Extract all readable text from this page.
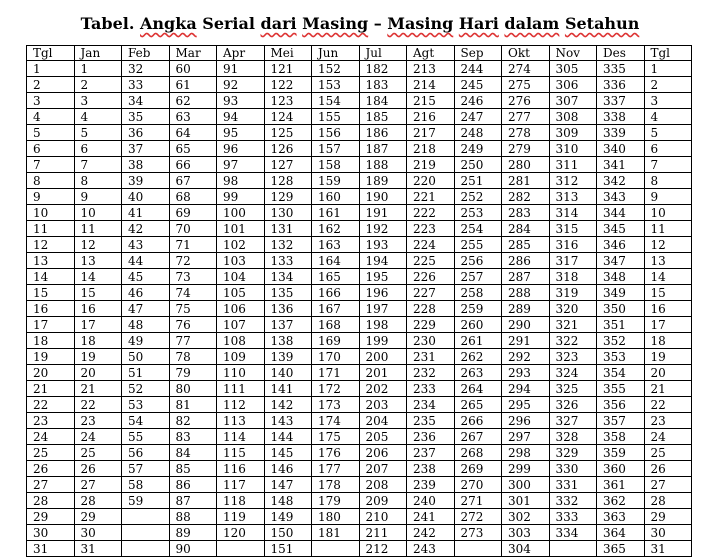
Tabel. Angka Serial dari Masing – Masing Hari dalam Setahun
Tgl	Jan	Feb	Mar	Apr	Mei	Jun	Jul	Agt	Sep	Okt	Nov	Des	Tgl
1	1	32	60	91	121	152	182	213	244	274	305	335	1
2	2	33	61	92	122	153	183	214	245	275	306	336	2
3	3	34	62	93	123	154	184	215	246	276	307	337	3
4	4	35	63	94	124	155	185	216	247	277	308	338	4
5	5	36	64	95	125	156	186	217	248	278	309	339	5
6	6	37	65	96	126	157	187	218	249	279	310	340	6
7	7	38	66	97	127	158	188	219	250	280	311	341	7
8	8	39	67	98	128	159	189	220	251	281	312	342	8
9	9	40	68	99	129	160	190	221	252	282	313	343	9
10	10	41	69	100	130	161	191	222	253	283	314	344	10
11	11	42	70	101	131	162	192	223	254	284	315	345	11
12	12	43	71	102	132	163	193	224	255	285	316	346	12
13	13	44	72	103	133	164	194	225	256	286	317	347	13
14	14	45	73	104	134	165	195	226	257	287	318	348	14
15	15	46	74	105	135	166	196	227	258	288	319	349	15
16	16	47	75	106	136	167	197	228	259	289	320	350	16
17	17	48	76	107	137	168	198	229	260	290	321	351	17
18	18	49	77	108	138	169	199	230	261	291	322	352	18
19	19	50	78	109	139	170	200	231	262	292	323	353	19
20	20	51	79	110	140	171	201	232	263	293	324	354	20
21	21	52	80	111	141	172	202	233	264	294	325	355	21
22	22	53	81	112	142	173	203	234	265	295	326	356	22
23	23	54	82	113	143	174	204	235	266	296	327	357	23
24	24	55	83	114	144	175	205	236	267	297	328	358	24
25	25	56	84	115	145	176	206	237	268	298	329	359	25
26	26	57	85	116	146	177	207	238	269	299	330	360	26
27	27	58	86	117	147	178	208	239	270	300	331	361	27
28	28	59	87	118	148	179	209	240	271	301	332	362	28
29	29		88	119	149	180	210	241	272	302	333	363	29
30	30		89	120	150	181	211	242	273	303	334	364	30
31	31		90		151		212	243		304		365	31
